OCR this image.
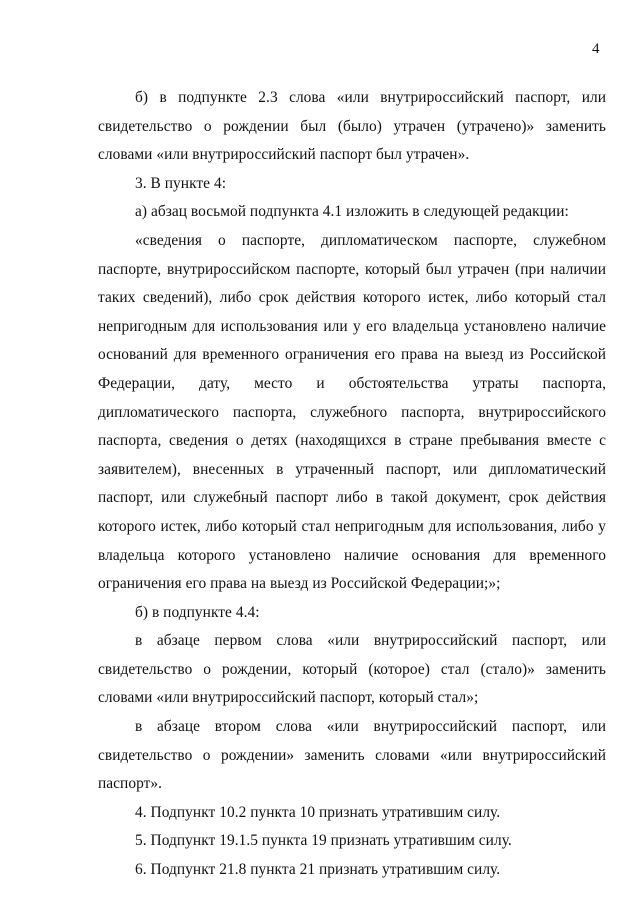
4

б) в подпункте 2.3 слова «или внутрироссийский паспорт, или свидетельство о рождении был (было) утрачен (утрачено)» заменить словами «или внутрироссийский паспорт был утрачен».

3. В пункте 4:

а) абзац восьмой подпункта 4.1 изложить в следующей редакции:

«сведения о паспорте, дипломатическом паспорте, служебном паспорте, внутрироссийском паспорте, который был утрачен (при наличии таких сведений), либо срок действия которого истек, либо который стал непригодным для использования или у его владельца установлено наличие оснований для временного ограничения его права на выезд из Российской Федерации, дату, место и обстоятельства утраты паспорта, дипломатического паспорта, служебного паспорта, внутрироссийского паспорта, сведения о детях (находящихся в стране пребывания вместе с заявителем), внесенных в утраченный паспорт, или дипломатический паспорт, или служебный паспорт либо в такой документ, срок действия которого истек, либо который стал непригодным для использования, либо у владельца которого установлено наличие основания для временного ограничения его права на выезд из Российской Федерации;»;

б) в подпункте 4.4:

в абзаце первом слова «или внутрироссийский паспорт, или свидетельство о рождении, который (которое) стал (стало)» заменить словами «или внутрироссийский паспорт, который стал»;

в абзаце втором слова «или внутрироссийский паспорт, или свидетельство о рождении» заменить словами «или внутрироссийский паспорт».

4. Подпункт 10.2 пункта 10 признать утратившим силу.

5. Подпункт 19.1.5 пункта 19 признать утратившим силу.

6. Подпункт 21.8 пункта 21 признать утратившим силу.
